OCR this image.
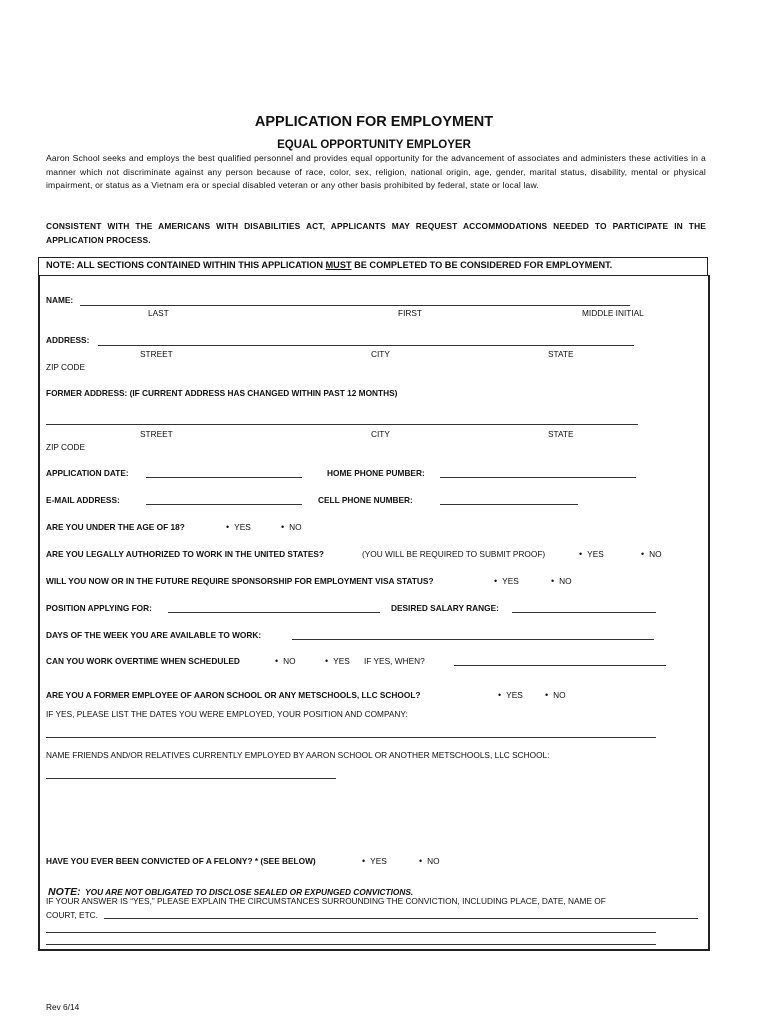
APPLICATION FOR EMPLOYMENT
EQUAL OPPORTUNITY EMPLOYER
Aaron School seeks and employs the best qualified personnel and provides equal opportunity for the advancement of associates and administers these activities in a manner which not discriminate against any person because of race, color, sex, religion, national origin, age, gender, marital status, disability, mental or physical impairment, or status as a Vietnam era or special disabled veteran or any other basis prohibited by federal, state or local law.
CONSISTENT WITH THE AMERICANS WITH DISABILITIES ACT, APPLICANTS MAY REQUEST ACCOMMODATIONS NEEDED TO PARTICIPATE IN THE APPLICATION PROCESS.
NOTE: ALL SECTIONS CONTAINED WITHIN THIS APPLICATION MUST BE COMPLETED TO BE CONSIDERED FOR EMPLOYMENT.
NAME:
LAST	FIRST	MIDDLE INITIAL
ADDRESS:
STREET	CITY	STATE
ZIP CODE
FORMER ADDRESS: (IF CURRENT ADDRESS HAS CHANGED WITHIN PAST 12 MONTHS)
STREET	CITY	STATE
ZIP CODE
APPLICATION DATE:	HOME PHONE PUMBER:
E-MAIL ADDRESS:	CELL PHONE NUMBER:
ARE YOU UNDER THE AGE OF 18?	• YES	• NO
ARE YOU LEGALLY AUTHORIZED TO WORK IN THE UNITED STATES?	(YOU WILL BE REQUIRED TO SUBMIT PROOF)	• YES	• NO
WILL YOU NOW OR IN THE FUTURE REQUIRE SPONSORSHIP FOR EMPLOYMENT VISA STATUS?	• YES	• NO
POSITION APPLYING FOR:	DESIRED SALARY RANGE:
DAYS OF THE WEEK YOU ARE AVAILABLE TO WORK:
CAN YOU WORK OVERTIME WHEN SCHEDULED	• NO	• YES IF YES, WHEN?
ARE YOU A FORMER EMPLOYEE OF AARON SCHOOL OR ANY METSCHOOLS, LLC SCHOOL?	• YES • NO
IF YES, PLEASE LIST THE DATES YOU WERE EMPLOYED, YOUR POSITION AND COMPANY:
NAME FRIENDS AND/OR RELATIVES CURRENTLY EMPLOYED BY AARON SCHOOL OR ANOTHER METSCHOOLS, LLC SCHOOL:
HAVE YOU EVER BEEN CONVICTED OF A FELONY? * (SEE BELOW)	• YES	• NO
NOTE: YOU ARE NOT OBLIGATED TO DISCLOSE SEALED OR EXPUNGED CONVICTIONS.
IF YOUR ANSWER IS “YES,” PLEASE EXPLAIN THE CIRCUMSTANCES SURROUNDING THE CONVICTION, INCLUDING PLACE, DATE, NAME OF
COURT, ETC.
Rev 6/14
